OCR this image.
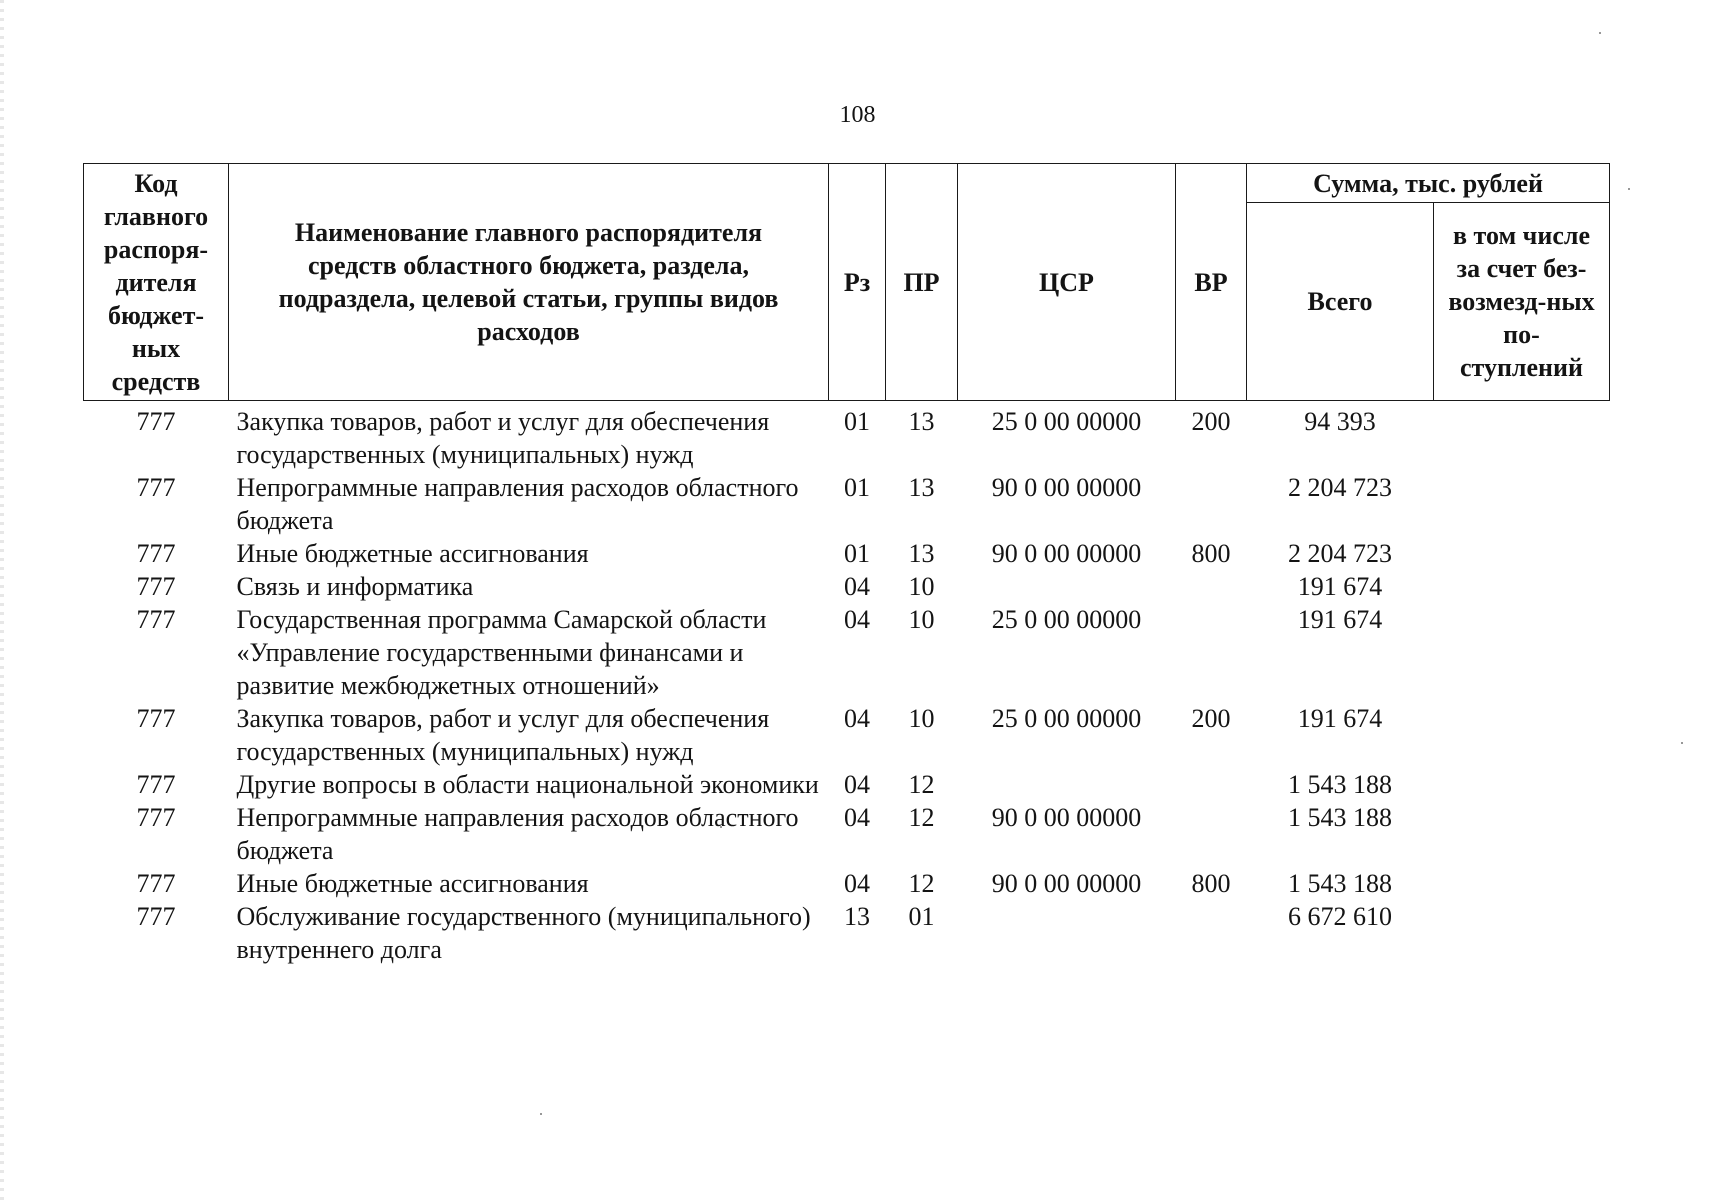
108
Код главного распоря-дителя бюджет-ных средств	Наименование главного распорядителя средств областного бюджета, раздела, подраздела, целевой статьи, группы видов расходов	Рз	ПР	ЦСР	ВР	Сумма, тыс. рублей	
						Всего	в том числе за счет без-возмезд-ных по-ступлений
777	Закупка товаров, работ и услуг для обеспечения государственных (муниципальных) нужд	01	13	25 0 00 00000	200	94 393	
777	Непрограммные направления расходов областного бюджета	01	13	90 0 00 00000		2 204 723	
777	Иные бюджетные ассигнования	01	13	90 0 00 00000	800	2 204 723	
777	Связь и информатика	04	10			191 674	
777	Государственная программа Самарской области «Управление государственными финансами и развитие межбюджетных отношений»	04	10	25 0 00 00000		191 674	
777	Закупка товаров, работ и услуг для обеспечения государственных (муниципальных) нужд	04	10	25 0 00 00000	200	191 674	
777	Другие вопросы в области национальной экономики	04	12			1 543 188	
777	Непрограммные направления расходов областного бюджета	04	12	90 0 00 00000		1 543 188	
777	Иные бюджетные ассигнования	04	12	90 0 00 00000	800	1 543 188	
777	Обслуживание государственного (муниципального) внутреннего долга	13	01			6 672 610	
